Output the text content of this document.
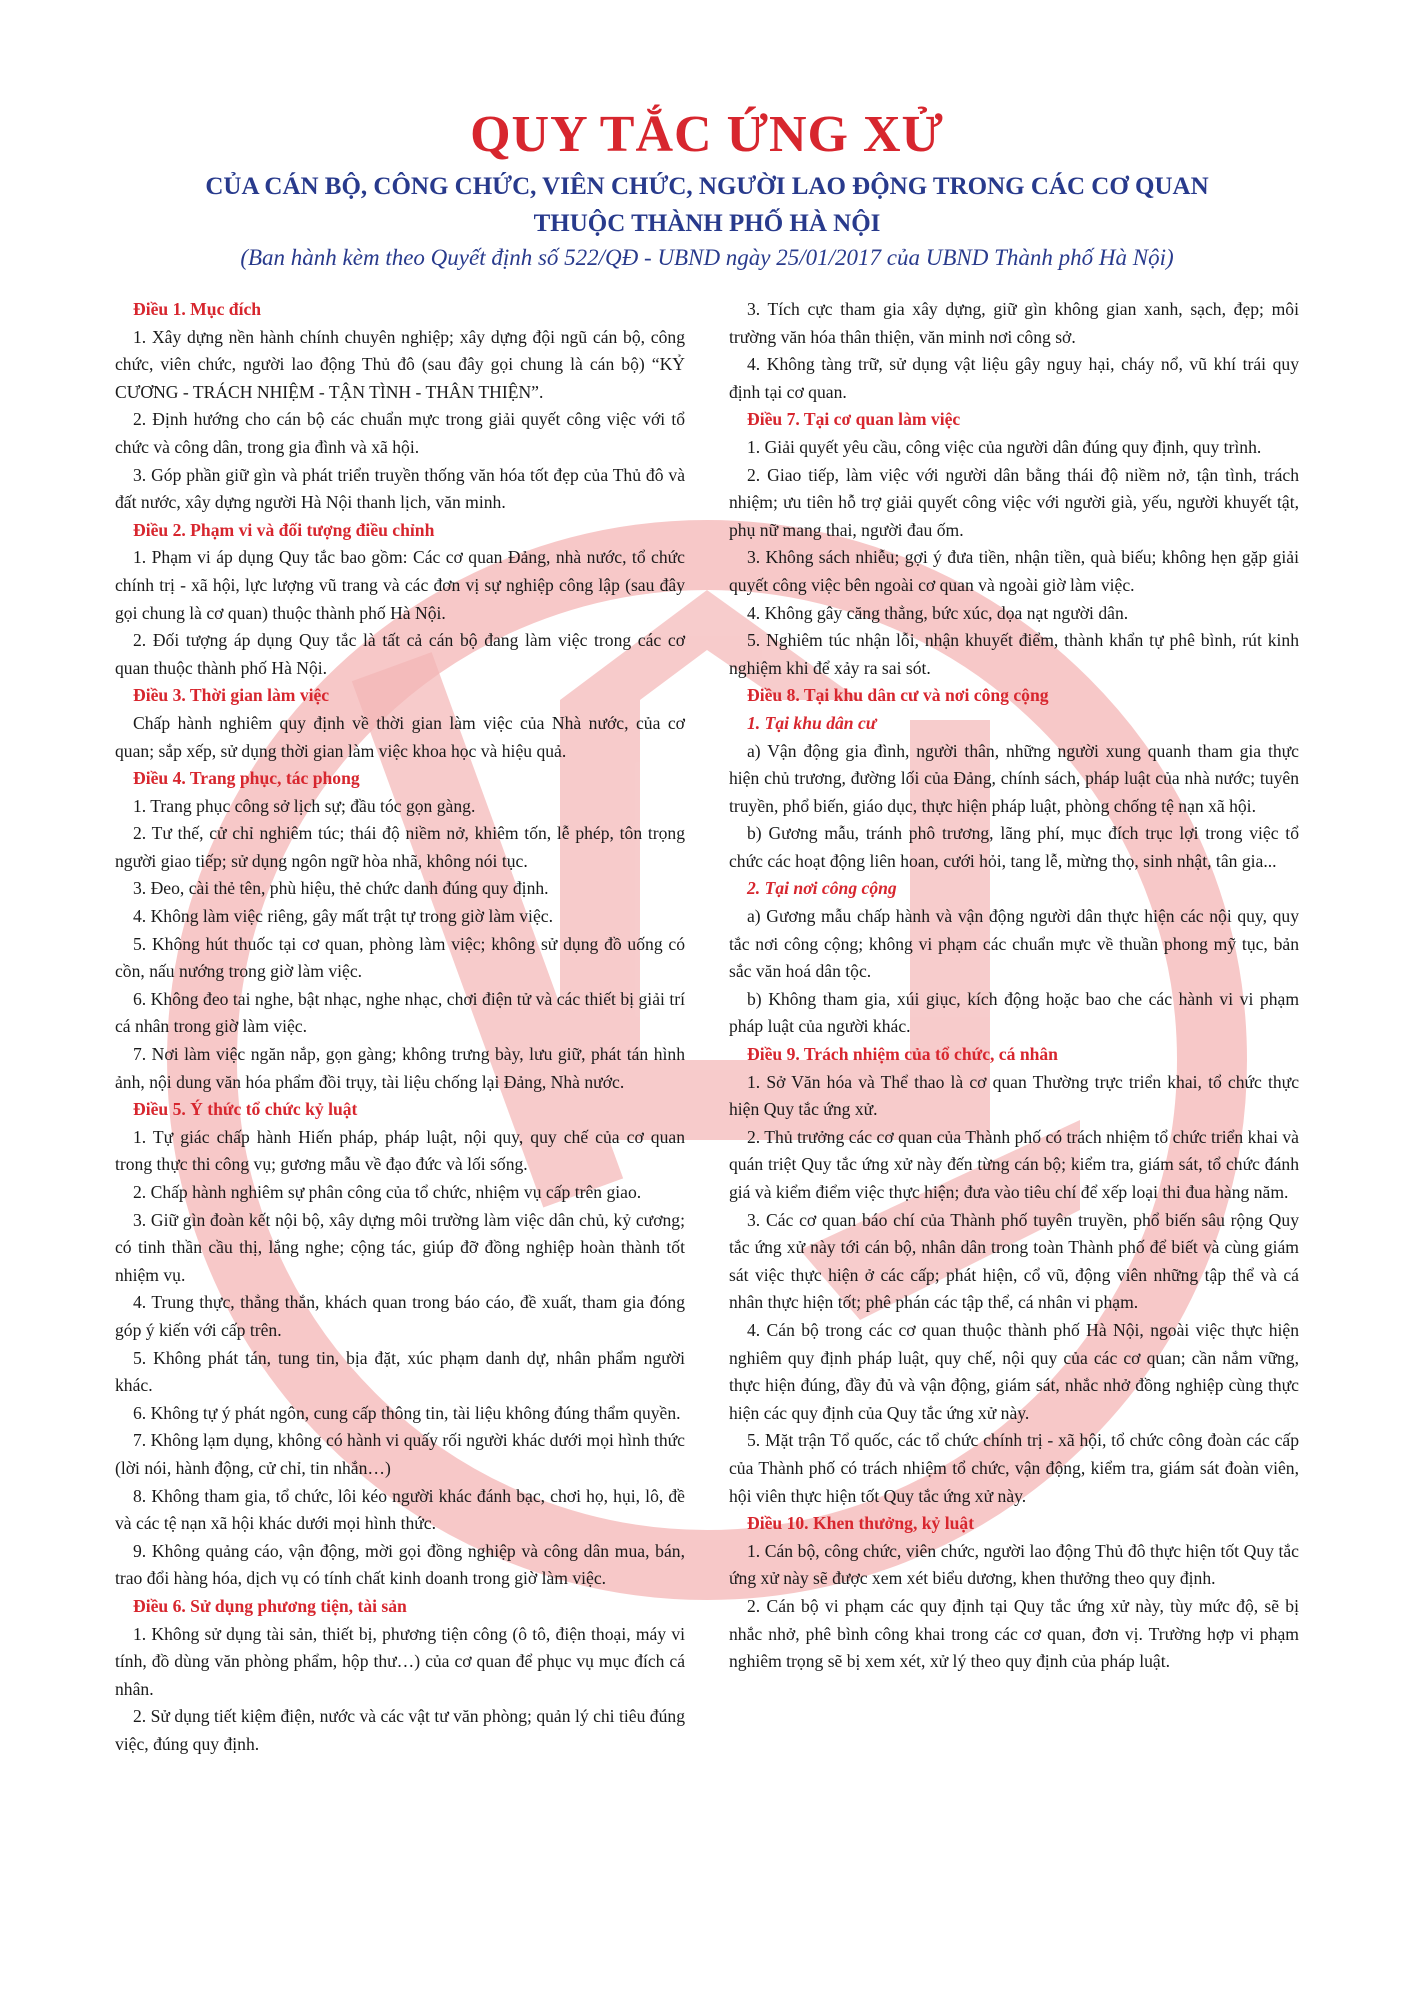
QUY TẮC ỨNG XỬ
CỦA CÁN BỘ, CÔNG CHỨC, VIÊN CHỨC, NGƯỜI LAO ĐỘNG TRONG CÁC CƠ QUAN
THUỘC THÀNH PHỐ HÀ NỘI
(Ban hành kèm theo Quyết định số 522/QĐ - UBND ngày 25/01/2017 của UBND Thành phố Hà Nội)

Điều 1. Mục đích

1. Xây dựng nền hành chính chuyên nghiệp; xây dựng đội ngũ cán bộ, công chức, viên chức, người lao động Thủ đô (sau đây gọi chung là cán bộ) “KỶ CƯƠNG - TRÁCH NHIỆM - TẬN TÌNH - THÂN THIỆN”.

2. Định hướng cho cán bộ các chuẩn mực trong giải quyết công việc với tổ chức và công dân, trong gia đình và xã hội.

3. Góp phần giữ gìn và phát triển truyền thống văn hóa tốt đẹp của Thủ đô và đất nước, xây dựng người Hà Nội thanh lịch, văn minh.

Điều 2. Phạm vi và đối tượng điều chỉnh

1. Phạm vi áp dụng Quy tắc bao gồm: Các cơ quan Đảng, nhà nước, tổ chức chính trị - xã hội, lực lượng vũ trang và các đơn vị sự nghiệp công lập (sau đây gọi chung là cơ quan) thuộc thành phố Hà Nội.

2. Đối tượng áp dụng Quy tắc là tất cả cán bộ đang làm việc trong các cơ quan thuộc thành phố Hà Nội.

Điều 3. Thời gian làm việc

Chấp hành nghiêm quy định về thời gian làm việc của Nhà nước, của cơ quan; sắp xếp, sử dụng thời gian làm việc khoa học và hiệu quả.

Điều 4. Trang phục, tác phong

1. Trang phục công sở lịch sự; đầu tóc gọn gàng.

2. Tư thế, cử chỉ nghiêm túc; thái độ niềm nở, khiêm tốn, lễ phép, tôn trọng người giao tiếp; sử dụng ngôn ngữ hòa nhã, không nói tục.

3. Đeo, cài thẻ tên, phù hiệu, thẻ chức danh đúng quy định.

4. Không làm việc riêng, gây mất trật tự trong giờ làm việc.

5. Không hút thuốc tại cơ quan, phòng làm việc; không sử dụng đồ uống có cồn, nấu nướng trong giờ làm việc.

6. Không đeo tai nghe, bật nhạc, nghe nhạc, chơi điện tử và các thiết bị giải trí cá nhân trong giờ làm việc.

7. Nơi làm việc ngăn nắp, gọn gàng; không trưng bày, lưu giữ, phát tán hình ảnh, nội dung văn hóa phẩm đồi trụy, tài liệu chống lại Đảng, Nhà nước.

Điều 5. Ý thức tổ chức kỷ luật

1. Tự giác chấp hành Hiến pháp, pháp luật, nội quy, quy chế của cơ quan trong thực thi công vụ; gương mẫu về đạo đức và lối sống.

2. Chấp hành nghiêm sự phân công của tổ chức, nhiệm vụ cấp trên giao.

3. Giữ gìn đoàn kết nội bộ, xây dựng môi trường làm việc dân chủ, kỷ cương; có tinh thần cầu thị, lắng nghe; cộng tác, giúp đỡ đồng nghiệp hoàn thành tốt nhiệm vụ.

4. Trung thực, thẳng thắn, khách quan trong báo cáo, đề xuất, tham gia đóng góp ý kiến với cấp trên.

5. Không phát tán, tung tin, bịa đặt, xúc phạm danh dự, nhân phẩm người khác.

6. Không tự ý phát ngôn, cung cấp thông tin, tài liệu không đúng thẩm quyền.

7. Không lạm dụng, không có hành vi quấy rối người khác dưới mọi hình thức (lời nói, hành động, cử chỉ, tin nhắn…)

8. Không tham gia, tổ chức, lôi kéo người khác đánh bạc, chơi họ, hụi, lô, đề và các tệ nạn xã hội khác dưới mọi hình thức.

9. Không quảng cáo, vận động, mời gọi đồng nghiệp và công dân mua, bán, trao đổi hàng hóa, dịch vụ có tính chất kinh doanh trong giờ làm việc.

Điều 6. Sử dụng phương tiện, tài sản

1. Không sử dụng tài sản, thiết bị, phương tiện công (ô tô, điện thoại, máy vi tính, đồ dùng văn phòng phẩm, hộp thư…) của cơ quan để phục vụ mục đích cá nhân.

2. Sử dụng tiết kiệm điện, nước và các vật tư văn phòng; quản lý chi tiêu đúng việc, đúng quy định.

3. Tích cực tham gia xây dựng, giữ gìn không gian xanh, sạch, đẹp; môi trường văn hóa thân thiện, văn minh nơi công sở.

4. Không tàng trữ, sử dụng vật liệu gây nguy hại, cháy nổ, vũ khí trái quy định tại cơ quan.

Điều 7. Tại cơ quan làm việc

1. Giải quyết yêu cầu, công việc của người dân đúng quy định, quy trình.

2. Giao tiếp, làm việc với người dân bằng thái độ niềm nở, tận tình, trách nhiệm; ưu tiên hỗ trợ giải quyết công việc với người già, yếu, người khuyết tật, phụ nữ mang thai, người đau ốm.

3. Không sách nhiễu; gợi ý đưa tiền, nhận tiền, quà biếu; không hẹn gặp giải quyết công việc bên ngoài cơ quan và ngoài giờ làm việc.

4. Không gây căng thẳng, bức xúc, dọa nạt người dân.

5. Nghiêm túc nhận lỗi, nhận khuyết điểm, thành khẩn tự phê bình, rút kinh nghiệm khi để xảy ra sai sót.

Điều 8. Tại khu dân cư và nơi công cộng

1. Tại khu dân cư

a) Vận động gia đình, người thân, những người xung quanh tham gia thực hiện chủ trương, đường lối của Đảng, chính sách, pháp luật của nhà nước; tuyên truyền, phổ biến, giáo dục, thực hiện pháp luật, phòng chống tệ nạn xã hội.

b) Gương mẫu, tránh phô trương, lãng phí, mục đích trục lợi trong việc tổ chức các hoạt động liên hoan, cưới hỏi, tang lễ, mừng thọ, sinh nhật, tân gia...

2. Tại nơi công cộng

a) Gương mẫu chấp hành và vận động người dân thực hiện các nội quy, quy tắc nơi công cộng; không vi phạm các chuẩn mực về thuần phong mỹ tục, bản sắc văn hoá dân tộc.

b) Không tham gia, xúi giục, kích động hoặc bao che các hành vi vi phạm pháp luật của người khác.

Điều 9. Trách nhiệm của tổ chức, cá nhân

1. Sở Văn hóa và Thể thao là cơ quan Thường trực triển khai, tổ chức thực hiện Quy tắc ứng xử.

2. Thủ trưởng các cơ quan của Thành phố có trách nhiệm tổ chức triển khai và quán triệt Quy tắc ứng xử này đến từng cán bộ; kiểm tra, giám sát, tổ chức đánh giá và kiểm điểm việc thực hiện; đưa vào tiêu chí để xếp loại thi đua hàng năm.

3. Các cơ quan báo chí của Thành phố tuyên truyền, phổ biến sâu rộng Quy tắc ứng xử này tới cán bộ, nhân dân trong toàn Thành phố để biết và cùng giám sát việc thực hiện ở các cấp; phát hiện, cổ vũ, động viên những tập thể và cá nhân thực hiện tốt; phê phán các tập thể, cá nhân vi phạm.

4. Cán bộ trong các cơ quan thuộc thành phố Hà Nội, ngoài việc thực hiện nghiêm quy định pháp luật, quy chế, nội quy của các cơ quan; cần nắm vững, thực hiện đúng, đầy đủ và vận động, giám sát, nhắc nhở đồng nghiệp cùng thực hiện các quy định của Quy tắc ứng xử này.

5. Mặt trận Tổ quốc, các tổ chức chính trị - xã hội, tổ chức công đoàn các cấp của Thành phố có trách nhiệm tổ chức, vận động, kiểm tra, giám sát đoàn viên, hội viên thực hiện tốt Quy tắc ứng xử này.

Điều 10. Khen thưởng, kỷ luật

1. Cán bộ, công chức, viên chức, người lao động Thủ đô thực hiện tốt Quy tắc ứng xử này sẽ được xem xét biểu dương, khen thưởng theo quy định.

2. Cán bộ vi phạm các quy định tại Quy tắc ứng xử này, tùy mức độ, sẽ bị nhắc nhở, phê bình công khai trong các cơ quan, đơn vị. Trường hợp vi phạm nghiêm trọng sẽ bị xem xét, xử lý theo quy định của pháp luật.
